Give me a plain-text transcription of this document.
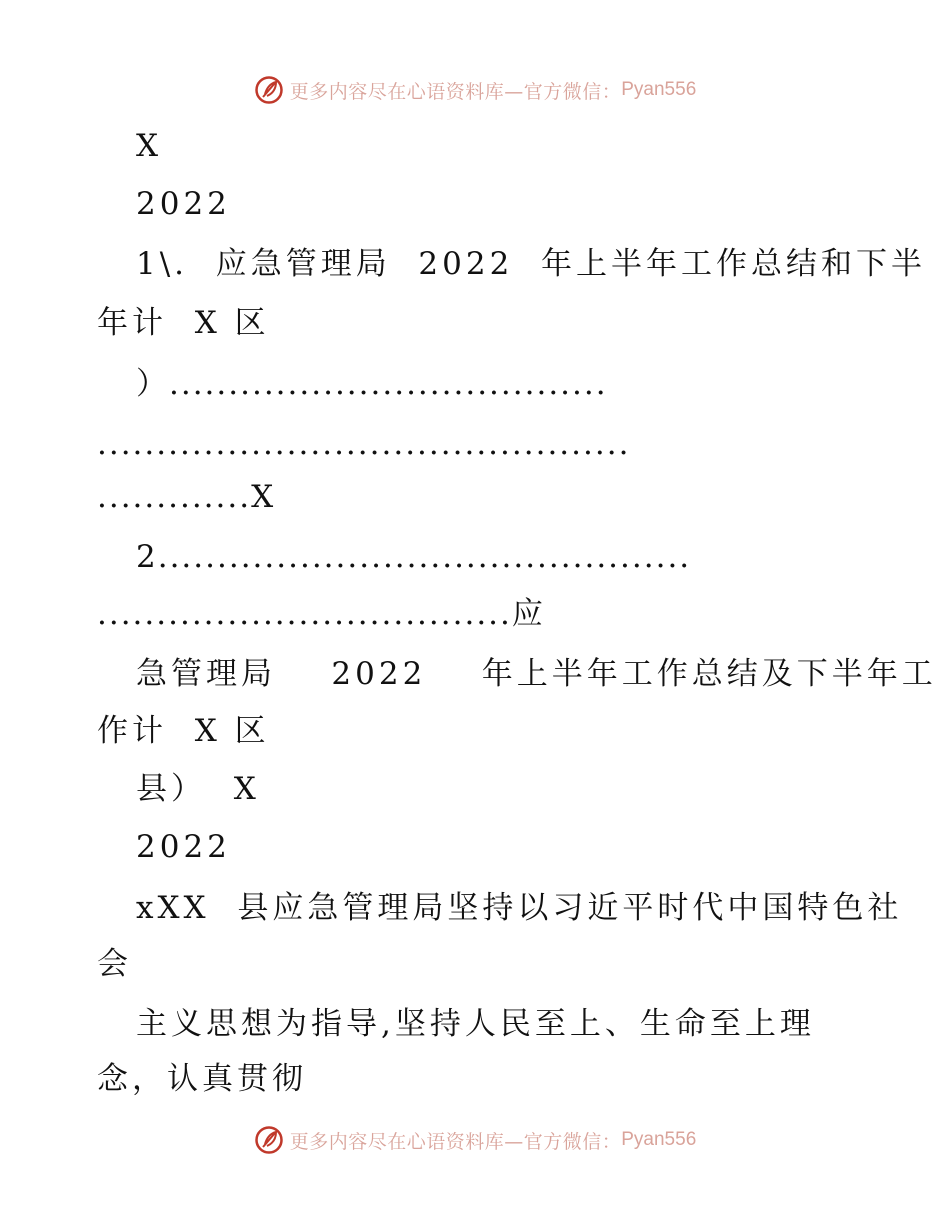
更多内容尽在心语资料库—官方微信： Pyan556
X
2022
1\.  应急管理局  2022  年上半年工作总结和下半
年计  X 区
）.....................................
.............................................
.............X
2.............................................
...................................应
急管理局    2022    年上半年工作总结及下半年工
作计  X 区
县）  X
2022
xXX  县应急管理局坚持以习近平时代中国特色社
会
主义思想为指导,坚持人民至上、生命至上理
念，认真贯彻
更多内容尽在心语资料库—官方微信： Pyan556
